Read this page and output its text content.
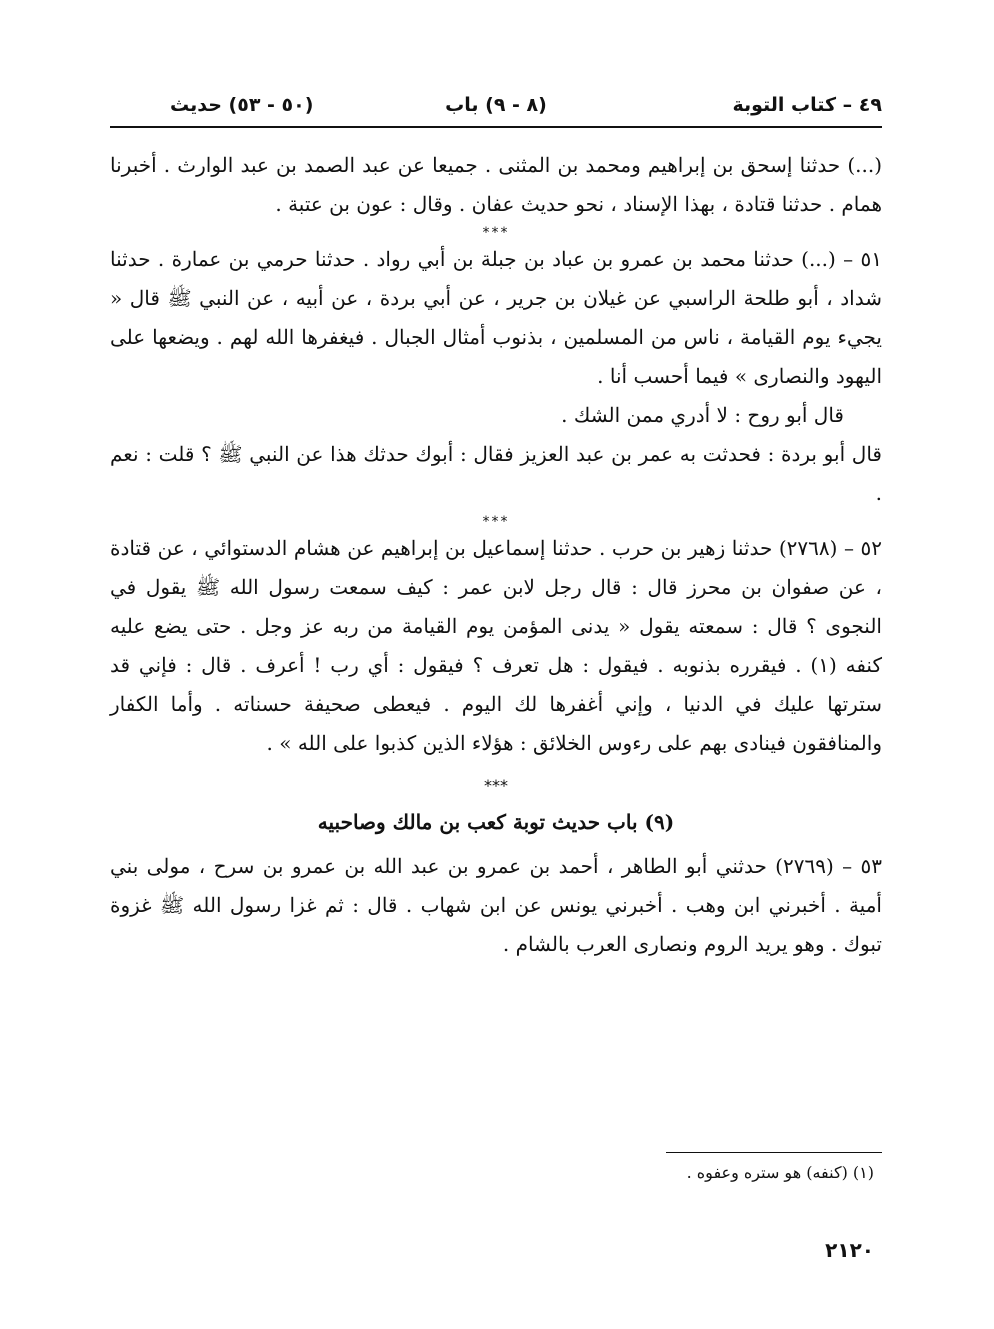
٤٩ – كتاب التوبة
(٨ - ٩) باب
(٥٠ - ٥٣) حديث

(...) حدثنا إسحق بن إبراهيم ومحمد بن المثنى . جميعا عن عبد الصمد بن عبد الوارث . أخبرنا همام . حدثنا قتادة ، بهذا الإسناد ، نحو حديث عفان . وقال : عون بن عتبة .

***

٥١ – (...) حدثنا محمد بن عمرو بن عباد بن جبلة بن أبي رواد . حدثنا حرمي بن عمارة . حدثنا شداد ، أبو طلحة الراسبي عن غيلان بن جرير ، عن أبي بردة ، عن أبيه ، عن النبي ﷺ قال « يجيء يوم القيامة ، ناس من المسلمين ، بذنوب أمثال الجبال . فيغفرها الله لهم . ويضعها على اليهود والنصارى » فيما أحسب أنا .

قال أبو روح : لا أدري ممن الشك .

قال أبو بردة : فحدثت به عمر بن عبد العزيز فقال : أبوك حدثك هذا عن النبي ﷺ ؟ قلت : نعم .

***

٥٢ – (٢٧٦٨) حدثنا زهير بن حرب . حدثنا إسماعيل بن إبراهيم عن هشام الدستوائي ، عن قتادة ، عن صفوان بن محرز قال : قال رجل لابن عمر : كيف سمعت رسول الله ﷺ يقول في النجوى ؟ قال : سمعته يقول « يدنى المؤمن يوم القيامة من ربه عز وجل . حتى يضع عليه كنفه (١) . فيقرره بذنوبه . فيقول : هل تعرف ؟ فيقول : أي رب ! أعرف . قال : فإني قد سترتها عليك في الدنيا ، وإني أغفرها لك اليوم . فيعطى صحيفة حسناته . وأما الكفار والمنافقون فينادى بهم على رءوس الخلائق : هؤلاء الذين كذبوا على الله » .

***
(٩) باب حديث توبة كعب بن مالك وصاحبيه

٥٣ – (٢٧٦٩) حدثني أبو الطاهر ، أحمد بن عمرو بن عبد الله بن عمرو بن سرح ، مولى بني أمية . أخبرني ابن وهب . أخبرني يونس عن ابن شهاب . قال : ثم غزا رسول الله ﷺ غزوة تبوك . وهو يريد الروم ونصارى العرب بالشام .

(١) (كنفه) هو ستره وعفوه .
٢١٢٠
